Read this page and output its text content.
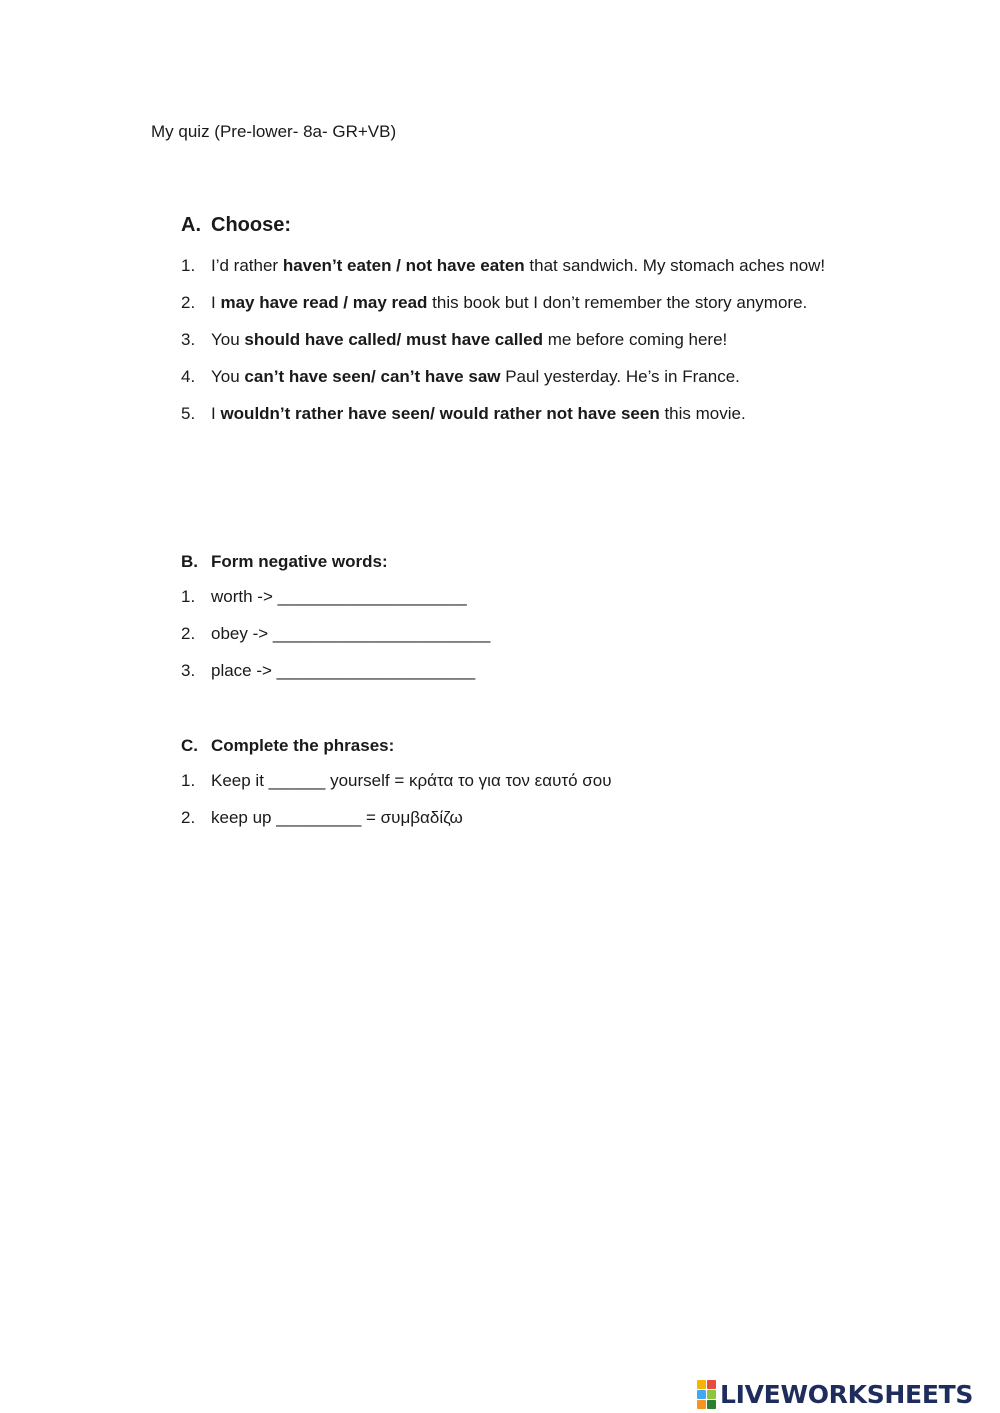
My quiz (Pre-lower- 8a- GR+VB)
A. Choose:
1. I’d rather haven’t eaten / not have eaten that sandwich. My stomach aches now!
2. I may have read / may read this book but I don’t remember the story anymore.
3. You should have called/ must have called me before coming here!
4. You can’t have seen/ can’t have saw Paul yesterday. He’s in France.
5. I wouldn’t rather have seen/ would rather not have seen this movie.
B. Form negative words:
1. worth -> ____________________
2. obey -> _______________________
3. place -> _____________________
C. Complete the phrases:
1. Keep it ______ yourself = κράτα το για τον εαυτό σου
2. keep up _________ = συμβαδίζω
LIVEWORKSHEETS
